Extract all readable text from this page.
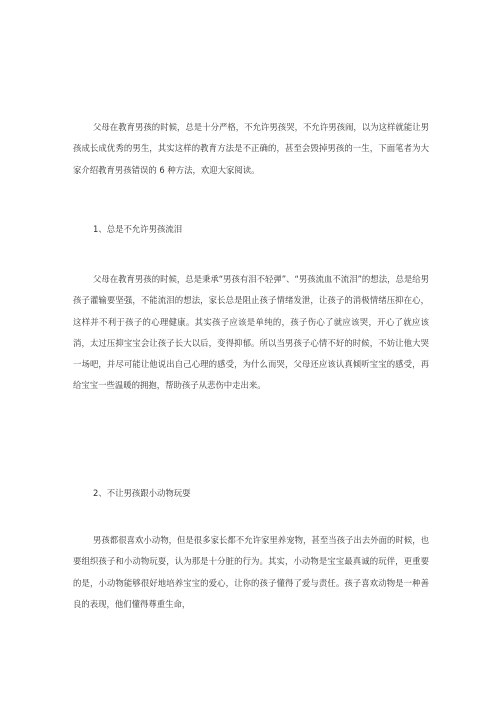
父母在教育男孩的时候，总是十分严格，不允许男孩哭，不允许男孩闹，以为这样就能让男孩成长成优秀的男生，其实这样的教育方法是不正确的，甚至会毁掉男孩的一生，下面笔者为大家介绍教育男孩错误的 6 种方法，欢迎大家阅读。

1、总是不允许男孩流泪

父母在教育男孩的时候，总是秉承“男孩有泪不轻弹”、“男孩流血不流泪”的想法，总是给男孩子灌输要坚强，不能流泪的想法，家长总是阻止孩子情绪发泄，让孩子的消极情绪压抑在心，这样并不利于孩子的心理健康。其实孩子应该是单纯的，孩子伤心了就应该哭，开心了就应该消，太过压抑宝宝会让孩子长大以后，变得抑郁。所以当男孩子心情不好的时候，不妨让他大哭一场吧，并尽可能让他说出自己心理的感受，为什么而哭，父母还应该认真倾听宝宝的感受，再给宝宝一些温暖的拥抱，帮助孩子从悲伤中走出来。

2、不让男孩跟小动物玩耍

男孩都很喜欢小动物，但是很多家长都不允许家里养宠物，甚至当孩子出去外面的时候，也要组织孩子和小动物玩耍，认为那是十分脏的行为。其实，小动物是宝宝最真诚的玩伴，更重要的是，小动物能够很好地培养宝宝的爱心，让你的孩子懂得了爱与责任。孩子喜欢动物是一种善良的表现，他们懂得尊重生命，
